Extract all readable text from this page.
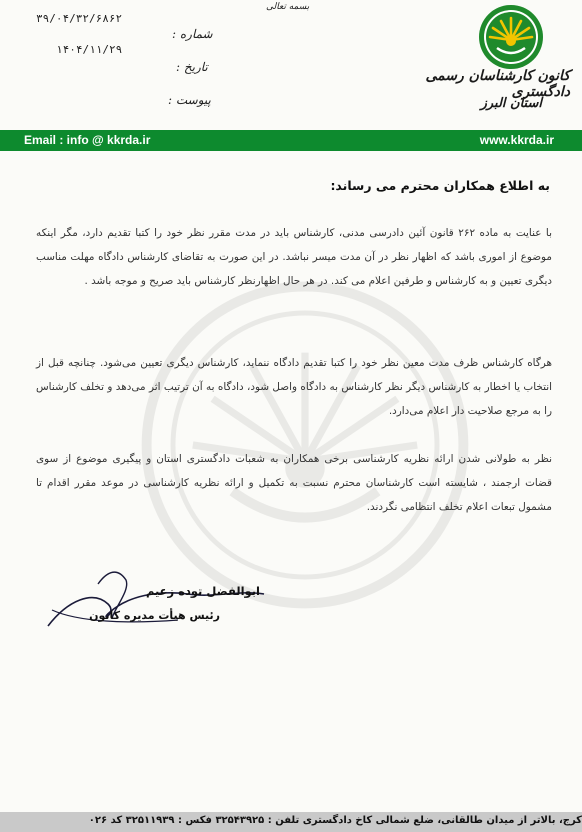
بسمه تعالی
۳۹/۰۴/۳۲/۶۸۶۲
شماره :
۱۴۰۴/۱۱/۲۹
تاریخ :
پیوست :
کانون کارشناسان رسمی دادگستری
استان البرز
Email : info @ kkrda.ir	www.kkrda.ir
به اطلاع همکاران محترم می رساند:
با عنایت به ماده ۲۶۲ قانون آئین دادرسی مدنی، کارشناس باید در مدت مقرر نظر خود را کتبا تقدیم دارد، مگر اینکه موضوع از اموری باشد که اظهار نظر در آن مدت میسر نباشد. در این صورت به تقاضای کارشناس دادگاه مهلت مناسب دیگری تعیین و به کارشناس و طرفین اعلام می کند. در هر حال اظهارنظر کارشناس باید صریح و موجه باشد .
هرگاه کارشناس ظرف مدت معین نظر خود را کتبا تقدیم دادگاه ننماید، کارشناس دیگری تعیین می‌شود. چنانچه قبل از انتخاب یا اخطار به کارشناس دیگر نظر کارشناس به دادگاه واصل شود، دادگاه به آن ترتیب اثر می‌دهد و تخلف کارشناس را به مرجع صلاحیت دار اعلام می‌دارد.
نظر به طولانی شدن ارائه نظریه کارشناسی برخی همکاران به شعبات دادگستری استان و پیگیری موضوع از سوی قضات ارجمند ، شایسته است کارشناسان محترم نسبت به تکمیل و ارائه نظریه کارشناسی در موعد مقرر اقدام تا مشمول تبعات اعلام تخلف انتظامی نگردند.
ابوالفضل توده زعیم
رئیس هیأت مدیره کانون
کرج، بالاتر از میدان طالقانی، ضلع شمالی کاخ دادگستری تلفن : ۳۲۵۴۳۹۲۵ فکس : ۳۲۵۱۱۹۳۹ کد ۰۲۶
